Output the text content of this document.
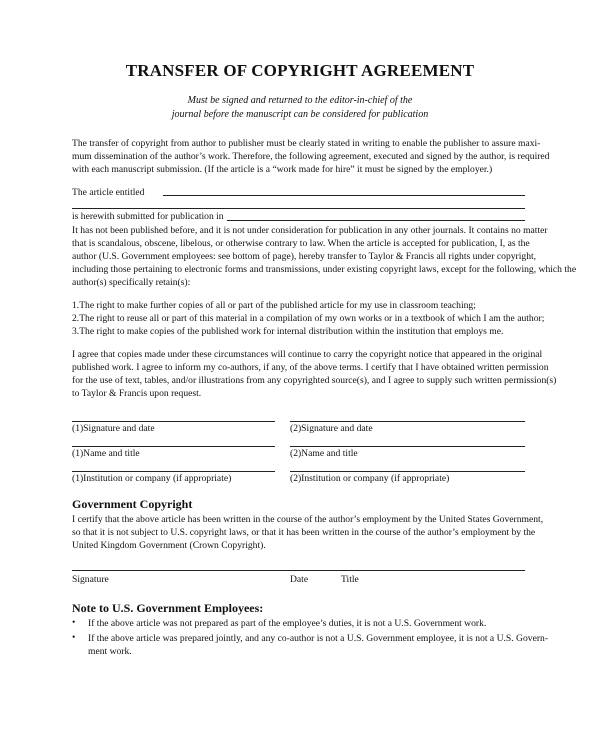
TRANSFER OF COPYRIGHT AGREEMENT
Must be signed and returned to the editor-in-chief of the
journal before the manuscript can be considered for publication
The transfer of copyright from author to publisher must be clearly stated in writing to enable the publisher to assure maxi-
mum dissemination of the author’s work. Therefore, the following agreement, executed and signed by the author, is required
with each manuscript submission. (If the article is a “work made for hire” it must be signed by the employer.)
The article entitled
is herewith submitted for publication in
It has not been published before, and it is not under consideration for publication in any other journals. It contains no matter
that is scandalous, obscene, libelous, or otherwise contrary to law. When the article is accepted for publication, I, as the
author (U.S. Government employees: see bottom of page), hereby transfer to Taylor & Francis all rights under copyright,
including those pertaining to electronic forms and transmissions, under existing copyright laws, except for the following, which the
author(s) specifically retain(s):
1.The right to make further copies of all or part of the published article for my use in classroom teaching;
2.The right to reuse all or part of this material in a compilation of my own works or in a textbook of which I am the author;
3.The right to make copies of the published work for internal distribution within the institution that employs me.
I agree that copies made under these circumstances will continue to carry the copyright notice that appeared in the original
published work. I agree to inform my co-authors, if any, of the above terms. I certify that I have obtained written permission
for the use of text, tables, and/or illustrations from any copyrighted source(s), and I agree to supply such written permission(s)
to Taylor & Francis upon request.
(1)Signature and date	(2)Signature and date
(1)Name and title	(2)Name and title
(1)Institution or company (if appropriate)	(2)Institution or company (if appropriate)
Government Copyright
I certify that the above article has been written in the course of the author’s employment by the United States Government,
so that it is not subject to U.S. copyright laws, or that it has been written in the course of the author’s employment by the
United Kingdom Government (Crown Copyright).
Signature	Date	Title
Note to U.S. Government Employees:
• If the above article was not prepared as part of the employee’s duties, it is not a U.S. Government work.
• If the above article was prepared jointly, and any co-author is not a U.S. Government employee, it is not a U.S. Govern-
ment work.
